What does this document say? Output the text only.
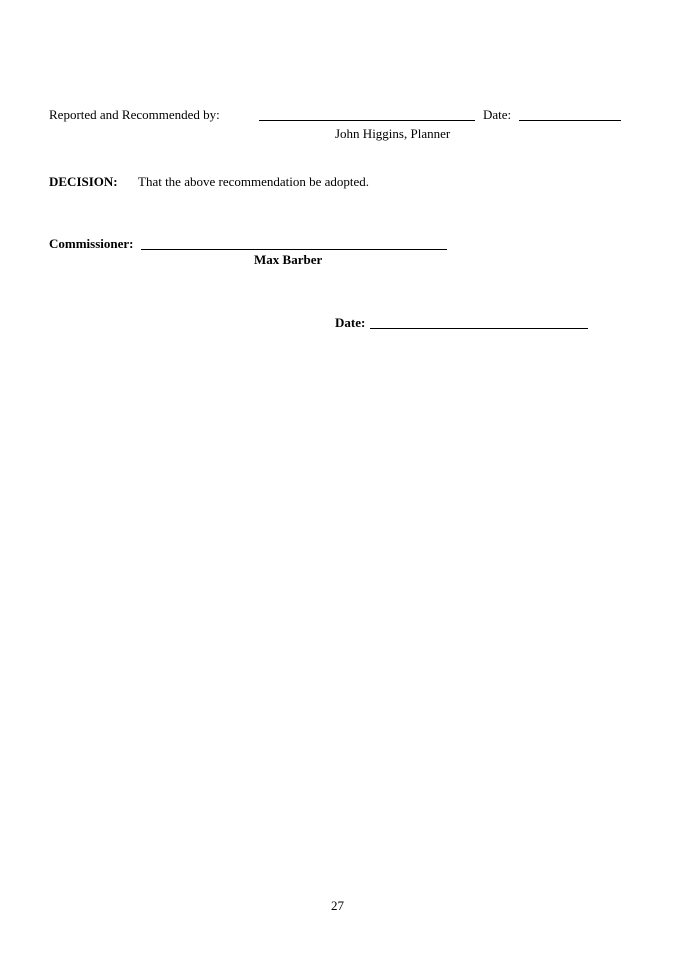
Reported and Recommended by:	Date:
John Higgins, Planner
DECISION: That the above recommendation be adopted.
Commissioner:
Max Barber
Date:
27
